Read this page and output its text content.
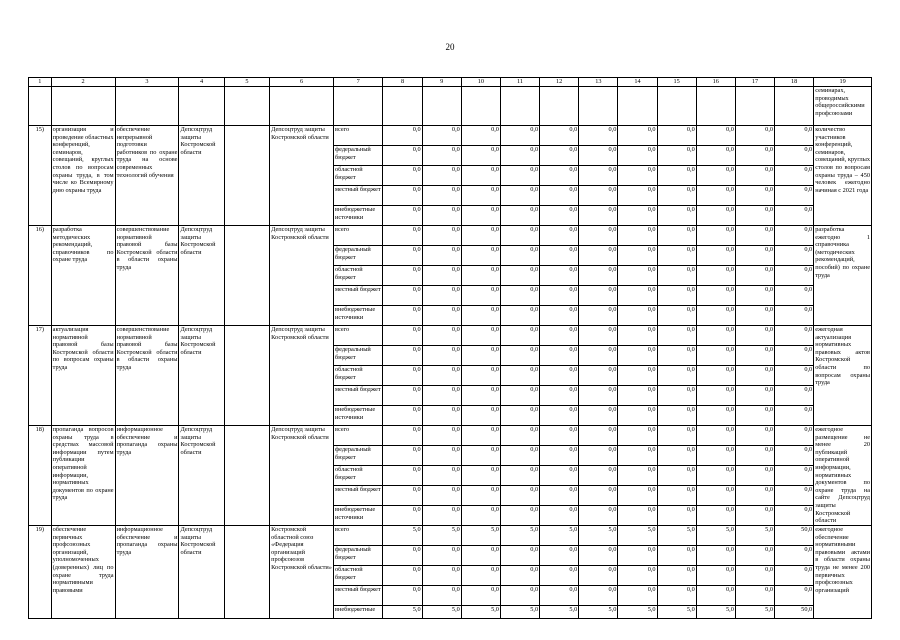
20
1	2	3	4	5	6	7	8	9	10	11	12	13	14	15	16	17	18	19
																		семинарах, проводимых общероссийскими профсоюзами
15)	организация и проведение областных конференций, семинаров, совещаний, круглых столов по вопросам охраны труда, в том числе ко Всемирному дню охраны труда	обеспечение непрерывной подготовки работников по охране труда на основе современных технологий обучения	Депсоцтруд защиты Костромской области		Депсоцтруд защиты Костромской области	всего	0,0	0,0	0,0	0,0	0,0	0,0	0,0	0,0	0,0	0,0	0,0	количество участников конференций, семинаров, совещаний, круглых столов по вопросам охраны труда – 450 человек ежегодно начиная с 2021 года
						федеральный бюджет	0,0	0,0	0,0	0,0	0,0	0,0	0,0	0,0	0,0	0,0	0,0	
						областной бюджет	0,0	0,0	0,0	0,0	0,0	0,0	0,0	0,0	0,0	0,0	0,0	
						местный бюджет	0,0	0,0	0,0	0,0	0,0	0,0	0,0	0,0	0,0	0,0	0,0	
						внебюджетные источники	0,0	0,0	0,0	0,0	0,0	0,0	0,0	0,0	0,0	0,0	0,0	
16)	разработка методических рекомендаций, справочников по охране труда	совершенствование нормативной правовой базы Костромской области в области охраны труда	Депсоцтруд защиты Костромской области		Депсоцтруд защиты Костромской области	всего	0,0	0,0	0,0	0,0	0,0	0,0	0,0	0,0	0,0	0,0	0,0	разработка ежегодно 1 справочника (методических рекомендаций, пособий) по охране труда
						федеральный бюджет	0,0	0,0	0,0	0,0	0,0	0,0	0,0	0,0	0,0	0,0	0,0	
						областной бюджет	0,0	0,0	0,0	0,0	0,0	0,0	0,0	0,0	0,0	0,0	0,0	
						местный бюджет	0,0	0,0	0,0	0,0	0,0	0,0	0,0	0,0	0,0	0,0	0,0	
						внебюджетные источники	0,0	0,0	0,0	0,0	0,0	0,0	0,0	0,0	0,0	0,0	0,0	
17)	актуализация нормативной правовой базы Костромской области по вопросам охраны труда	совершенствование нормативной правовой базы Костромской области в области охраны труда	Депсоцтруд защиты Костромской области		Депсоцтруд защиты Костромской области	всего	0,0	0,0	0,0	0,0	0,0	0,0	0,0	0,0	0,0	0,0	0,0	ежегодная актуализация нормативных правовых актов Костромской области по вопросам охраны труда
						федеральный бюджет	0,0	0,0	0,0	0,0	0,0	0,0	0,0	0,0	0,0	0,0	0,0	
						областной бюджет	0,0	0,0	0,0	0,0	0,0	0,0	0,0	0,0	0,0	0,0	0,0	
						местный бюджет	0,0	0,0	0,0	0,0	0,0	0,0	0,0	0,0	0,0	0,0	0,0	
						внебюджетные источники	0,0	0,0	0,0	0,0	0,0	0,0	0,0	0,0	0,0	0,0	0,0	
18)	пропаганда вопросов охраны труда в средствах массовой информации путем публикации оперативной информации, нормативных документов по охране труда	информационное обеспечение и пропаганда охраны труда	Депсоцтруд защиты Костромской области		Депсоцтруд защиты Костромской области	всего	0,0	0,0	0,0	0,0	0,0	0,0	0,0	0,0	0,0	0,0	0,0	ежегодное размещение не менее 20 публикаций оперативной информации, нормативных документов по охране труда на сайте Депсоцтруд защиты Костромской области
						федеральный бюджет	0,0	0,0	0,0	0,0	0,0	0,0	0,0	0,0	0,0	0,0	0,0	
						областной бюджет	0,0	0,0	0,0	0,0	0,0	0,0	0,0	0,0	0,0	0,0	0,0	
						местный бюджет	0,0	0,0	0,0	0,0	0,0	0,0	0,0	0,0	0,0	0,0	0,0	
						внебюджетные источники	0,0	0,0	0,0	0,0	0,0	0,0	0,0	0,0	0,0	0,0	0,0	
19)	обеспечение первичных профсоюзных организаций, уполномоченных (доверенных) лиц по охране труда нормативными правовыми	информационное обеспечение и пропаганда охраны труда	Депсоцтруд защиты Костромской области		Костромской областной союз «Федерация организаций профсоюзов Костромской области»	всего	5,0	5,0	5,0	5,0	5,0	5,0	5,0	5,0	5,0	5,0	50,0	ежегодное обеспечение нормативными правовыми актами в области охраны труда не менее 200 первичных профсоюзных организаций
						федеральный бюджет	0,0	0,0	0,0	0,0	0,0	0,0	0,0	0,0	0,0	0,0	0,0	
						областной бюджет	0,0	0,0	0,0	0,0	0,0	0,0	0,0	0,0	0,0	0,0	0,0	
						местный бюджет	0,0	0,0	0,0	0,0	0,0	0,0	0,0	0,0	0,0	0,0	0,0	
						внебюджетные	5,0	5,0	5,0	5,0	5,0	5,0	5,0	5,0	5,0	5,0	50,0	
